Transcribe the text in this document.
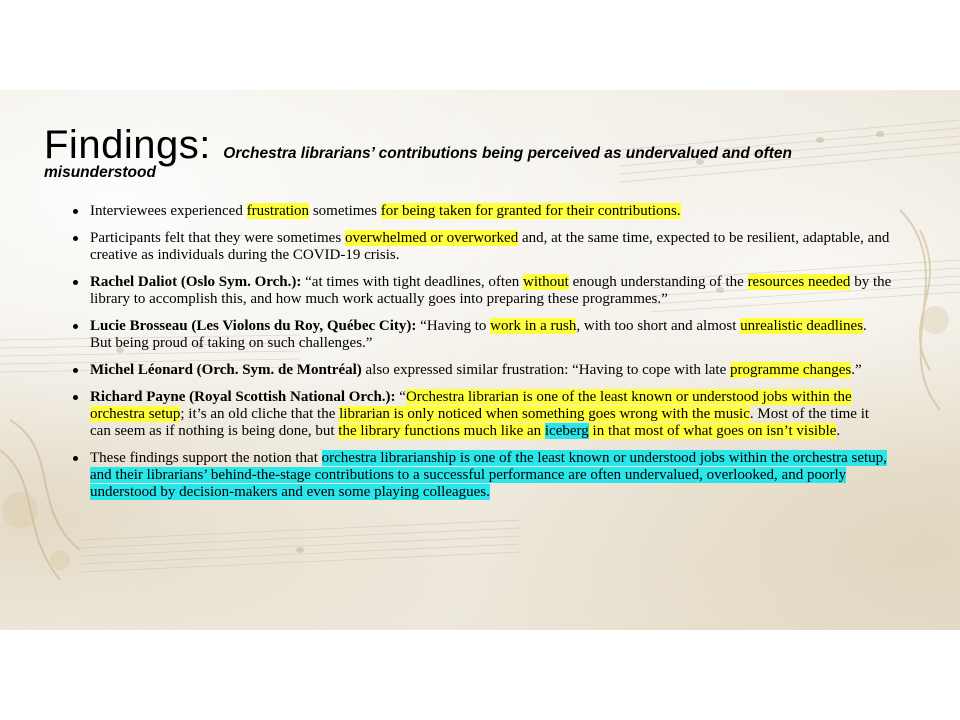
Findings: Orchestra librarians’ contributions being perceived as undervalued and often
misunderstood
Interviewees experienced frustration sometimes for being taken for granted for their contributions.
Participants felt that they were sometimes overwhelmed or overworked and, at the same time, expected to be resilient, adaptable, and creative as individuals during the COVID-19 crisis.
Rachel Daliot (Oslo Sym. Orch.): “at times with tight deadlines, often without enough understanding of the resources needed by the library to accomplish this, and how much work actually goes into preparing these programmes.”
Lucie Brosseau (Les Violons du Roy, Québec City): “Having to work in a rush, with too short and almost unrealistic deadlines. But being proud of taking on such challenges.”
Michel Léonard (Orch. Sym. de Montréal) also expressed similar frustration: “Having to cope with late programme changes.”
Richard Payne (Royal Scottish National Orch.): “Orchestra librarian is one of the least known or understood jobs within the orchestra setup; it’s an old cliche that the librarian is only noticed when something goes wrong with the music. Most of the time it can seem as if nothing is being done, but the library functions much like an iceberg in that most of what goes on isn’t visible.
These findings support the notion that orchestra librarianship is one of the least known or understood jobs within the orchestra setup, and their librarians’ behind-the-stage contributions to a successful performance are often undervalued, overlooked, and poorly understood by decision-makers and even some playing colleagues.
